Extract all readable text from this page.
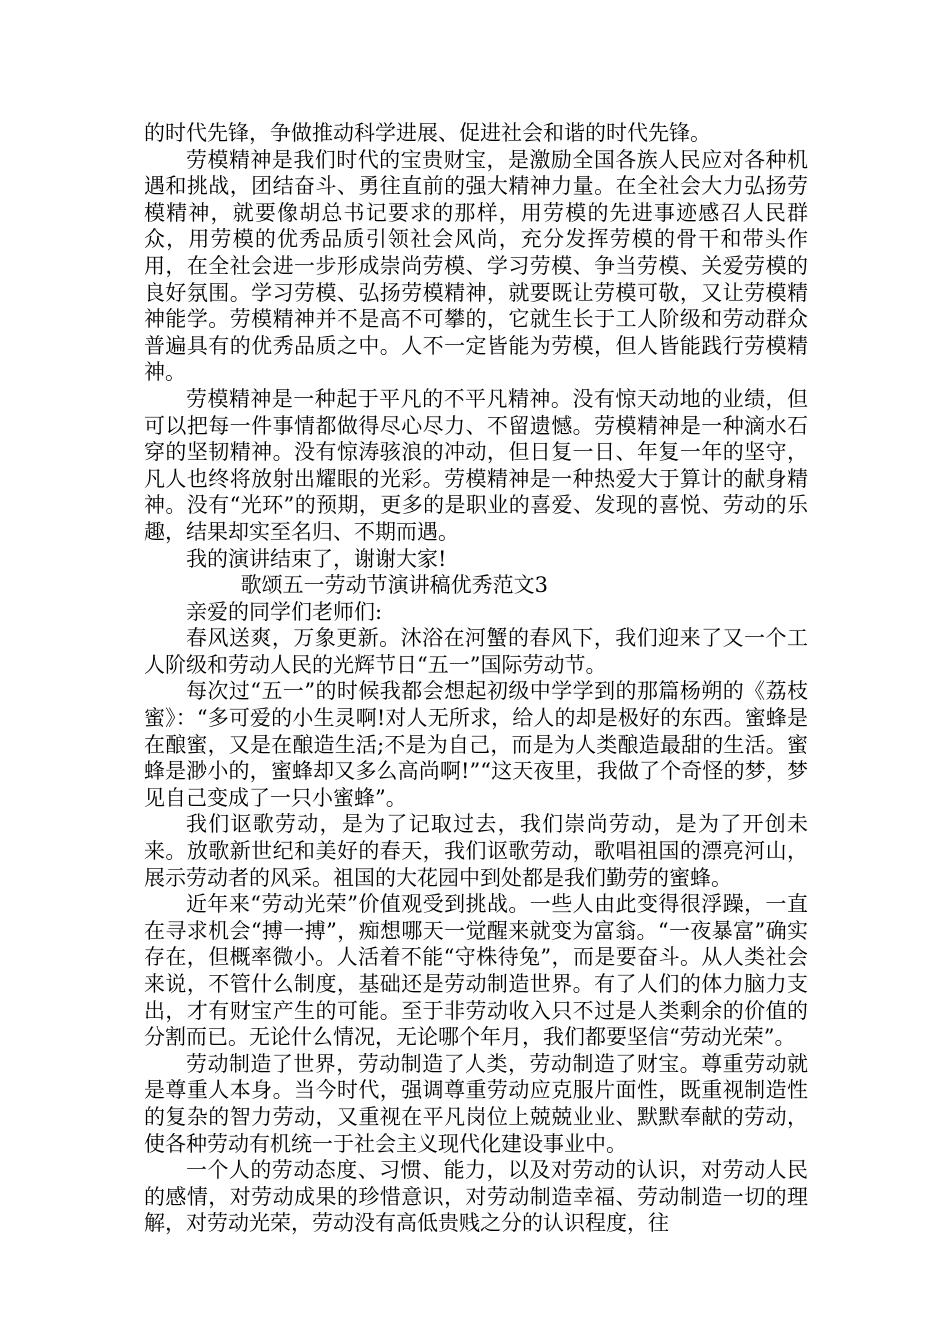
的时代先锋，争做推动科学进展、促进社会和谐的时代先锋。

劳模精神是我们时代的宝贵财宝，是激励全国各族人民应对各种机遇和挑战，团结奋斗、勇往直前的强大精神力量。在全社会大力弘扬劳模精神，就要像胡总书记要求的那样，用劳模的先进事迹感召人民群众，用劳模的优秀品质引领社会风尚，充分发挥劳模的骨干和带头作用，在全社会进一步形成崇尚劳模、学习劳模、争当劳模、关爱劳模的良好氛围。学习劳模、弘扬劳模精神，就要既让劳模可敬，又让劳模精神能学。劳模精神并不是高不可攀的，它就生长于工人阶级和劳动群众普遍具有的优秀品质之中。人不一定皆能为劳模，但人皆能践行劳模精神。

劳模精神是一种起于平凡的不平凡精神。没有惊天动地的业绩，但可以把每一件事情都做得尽心尽力、不留遗憾。劳模精神是一种滴水石穿的坚韧精神。没有惊涛骇浪的冲动，但日复一日、年复一年的坚守，凡人也终将放射出耀眼的光彩。劳模精神是一种热爱大于算计的献身精神。没有“光环”的预期，更多的是职业的喜爱、发现的喜悦、劳动的乐趣，结果却实至名归、不期而遇。

我的演讲结束了，谢谢大家!

歌颂五一劳动节演讲稿优秀范文3

亲爱的同学们老师们:

春风送爽，万象更新。沐浴在河蟹的春风下，我们迎来了又一个工人阶级和劳动人民的光辉节日“五一”国际劳动节。

每次过“五一”的时候我都会想起初级中学学到的那篇杨朔的《荔枝蜜》：“多可爱的小生灵啊!对人无所求，给人的却是极好的东西。蜜蜂是在酿蜜，又是在酿造生活;不是为自己，而是为人类酿造最甜的生活。蜜蜂是渺小的，蜜蜂却又多么高尚啊!”“这天夜里，我做了个奇怪的梦，梦见自己变成了一只小蜜蜂”。

我们讴歌劳动，是为了记取过去，我们崇尚劳动，是为了开创未来。放歌新世纪和美好的春天，我们讴歌劳动，歌唱祖国的漂亮河山，展示劳动者的风采。祖国的大花园中到处都是我们勤劳的蜜蜂。

近年来“劳动光荣”价值观受到挑战。一些人由此变得很浮躁，一直在寻求机会“搏一搏”，痴想哪天一觉醒来就变为富翁。“一夜暴富”确实存在，但概率微小。人活着不能“守株待兔”，而是要奋斗。从人类社会来说，不管什么制度，基础还是劳动制造世界。有了人们的体力脑力支出，才有财宝产生的可能。至于非劳动收入只不过是人类剩余的价值的分割而已。无论什么情况，无论哪个年月，我们都要坚信“劳动光荣”。

劳动制造了世界，劳动制造了人类，劳动制造了财宝。尊重劳动就是尊重人本身。当今时代，强调尊重劳动应克服片面性，既重视制造性的复杂的智力劳动，又重视在平凡岗位上兢兢业业、默默奉献的劳动，使各种劳动有机统一于社会主义现代化建设事业中。

一个人的劳动态度、习惯、能力，以及对劳动的认识，对劳动人民的感情，对劳动成果的珍惜意识，对劳动制造幸福、劳动制造一切的理解，对劳动光荣，劳动没有高低贵贱之分的认识程度，往
